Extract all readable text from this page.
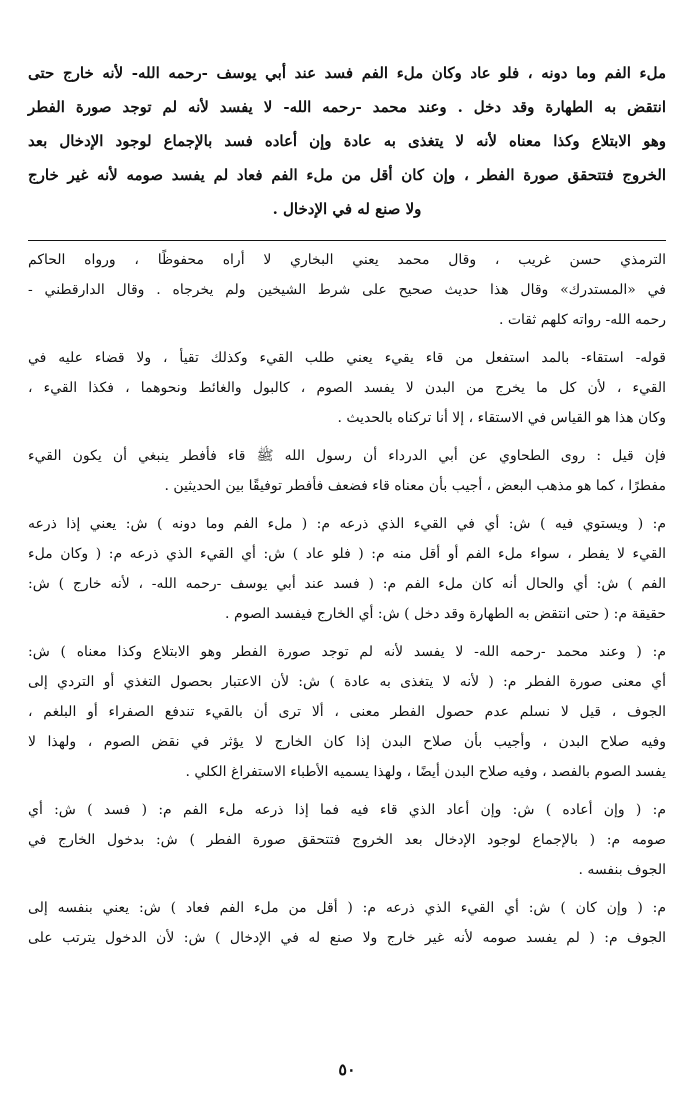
ملء الفم وما دونه ، فلو عاد وكان ملء الفم فسد عند أبي يوسف -رحمه الله- لأنه خارج حتى
انتقض به الطهارة وقد دخل . وعند محمد -رحمه الله- لا يفسد لأنه لم توجد صورة الفطر
وهو الابتلاع وكذا معناه لأنه لا يتغذى به عادة وإن أعاده فسد بالإجماع لوجود الإدخال بعد
الخروج فتتحقق صورة الفطر ، وإن كان أقل من ملء الفم فعاد لم يفسد صومه لأنه غير خارج
ولا صنع له في الإدخال .
الترمذي حسن غريب ، وقال محمد يعني البخاري لا أراه محفوظًا ، ورواه الحاكم
في «المستدرك» وقال هذا حديث صحيح على شرط الشيخين ولم يخرجاه . وقال الدارقطني -
رحمه الله- رواته كلهم ثقات .
قوله- استقاء- بالمد استفعل من قاء يقيء يعني طلب القيء وكذلك تقيأ ، ولا قضاء عليه في
القيء ، لأن كل ما يخرج من البدن لا يفسد الصوم ، كالبول والغائط ونحوهما ، فكذا القيء ،
وكان هذا هو القياس في الاستقاء ، إلا أنا تركناه بالحديث .
فإن قيل : روى الطحاوي عن أبي الدرداء أن رسول الله ﷺ قاء فأفطر ينبغي أن يكون القيء
مفطرًا ، كما هو مذهب البعض ، أجيب بأن معناه قاء فضعف فأفطر توفيقًا بين الحديثين .
م: ( ويستوي فيه ) ش: أي في القيء الذي ذرعه م: ( ملء الفم وما دونه ) ش: يعني إذا ذرعه
القيء لا يفطر ، سواء ملء الفم أو أقل منه م: ( فلو عاد ) ش: أي القيء الذي ذرعه م: ( وكان ملء
الفم ) ش: أي والحال أنه كان ملء الفم م: ( فسد عند أبي يوسف -رحمه الله- ، لأنه خارج ) ش:
حقيقة م: ( حتى انتقض به الطهارة وقد دخل ) ش: أي الخارج فيفسد الصوم .
م: ( وعند محمد -رحمه الله- لا يفسد لأنه لم توجد صورة الفطر وهو الابتلاع وكذا معناه ) ش:
أي معنى صورة الفطر م: ( لأنه لا يتغذى به عادة ) ش: لأن الاعتبار بحصول التغذي أو التردي إلى
الجوف ، قيل لا نسلم عدم حصول الفطر معنى ، ألا ترى أن بالقيء تندفع الصفراء أو البلغم ،
وفيه صلاح البدن ، وأجيب بأن صلاح البدن إذا كان الخارج لا يؤثر في نقض الصوم ، ولهذا لا
يفسد الصوم بالفصد ، وفيه صلاح البدن أيضًا ، ولهذا يسميه الأطباء الاستفراغ الكلي .
م: ( وإن أعاده ) ش: وإن أعاد الذي قاء فيه فما إذا ذرعه ملء الفم م: ( فسد ) ش: أي
صومه م: ( بالإجماع لوجود الإدخال بعد الخروج فتتحقق صورة الفطر ) ش: بدخول الخارج في
الجوف بنفسه .
م: ( وإن كان ) ش: أي القيء الذي ذرعه م: ( أقل من ملء الفم فعاد ) ش: يعني بنفسه إلى
الجوف م: ( لم يفسد صومه لأنه غير خارج ولا صنع له في الإدخال ) ش: لأن الدخول يترتب على
٥٠
